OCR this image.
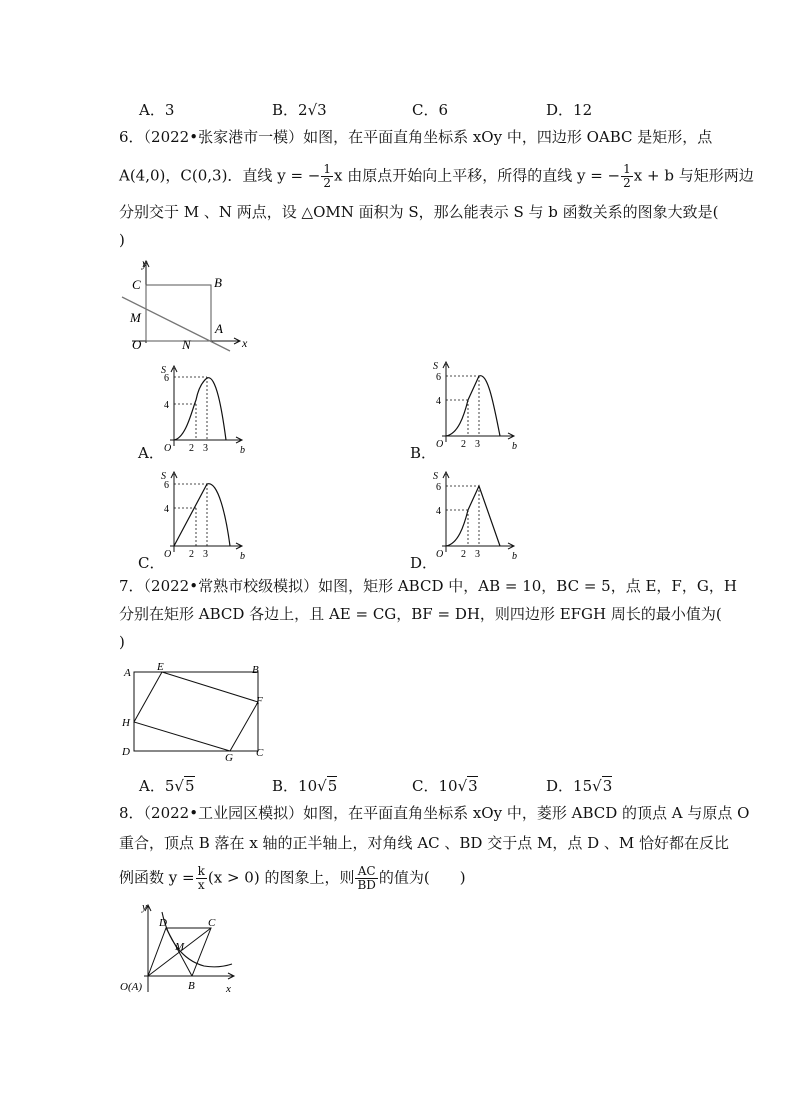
A．3	B．2√3	C．6	D．12
6．（2022•张家港市一模）如图，在平面直角坐标系 xOy 中，四边形 OABC 是矩形，点
A(4,0)，C(0,3)．直线 y = − $\frac{1}{2}$ x 由原点开始向上平移，所得的直线 y = − $\frac{1}{2}$ x + b 与矩形两边
分别交于 M 、N 两点，设 △OMN 面积为 S，那么能表示 S 与 b 函数关系的图象大致是(
)
y
x
C	B
M
A
O	N
A．
S
6
4
O 2 3	b	B．
S
6
4
O 2 3	b
C．
S
6
4
O 2 3	b	D．
S
6
4
O 2 3	b
7．（2022•常熟市校级模拟）如图，矩形 ABCD 中，AB = 10，BC = 5，点 E，F，G，H
分别在矩形 ABCD 各边上，且 AE = CG，BF = DH，则四边形 EFGH 周长的最小值为(
)
A E	B
F
H
D	G C
A．5√5	B．10√5	C．10√3	D．15√3
8．（2022•工业园区模拟）如图，在平面直角坐标系 xOy 中，菱形 ABCD 的顶点 A 与原点 O
重合，顶点 B 落在 x 轴的正半轴上，对角线 AC 、BD 交于点 M，点 D 、M 恰好都在反比
例函数 $y = \frac{k}{x} (x > 0)$ 的图象上，则 $\frac{AC}{BD}$ 的值为(　　)
y
D	C
M
O(A)	B	x
